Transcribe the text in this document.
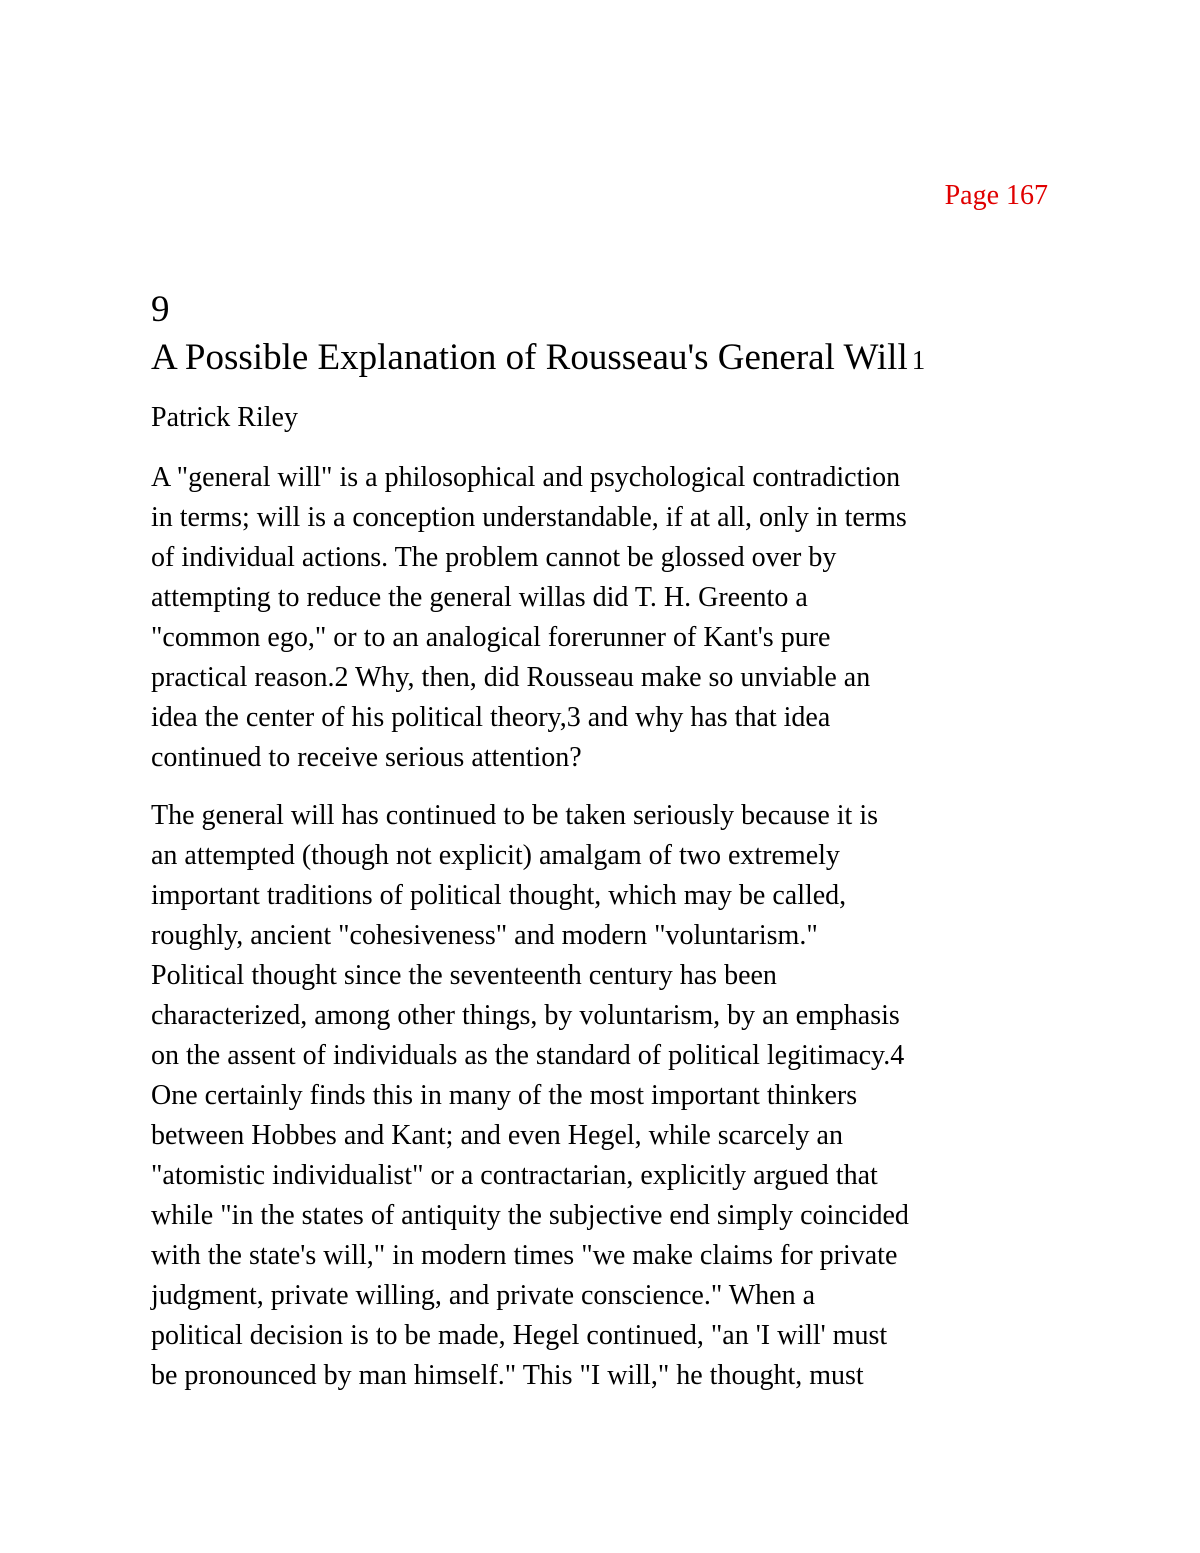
Page 167
9
A Possible Explanation of Rousseau's General Will 1

Patrick Riley

A "general will" is a philosophical and psychological contradiction
in terms; will is a conception understandable, if at all, only in terms
of individual actions. The problem cannot be glossed over by
attempting to reduce the general willas did T. H. Greento a
"common ego," or to an analogical forerunner of Kant's pure
practical reason.2 Why, then, did Rousseau make so unviable an
idea the center of his political theory,3 and why has that idea
continued to receive serious attention?

The general will has continued to be taken seriously because it is
an attempted (though not explicit) amalgam of two extremely
important traditions of political thought, which may be called,
roughly, ancient "cohesiveness" and modern "voluntarism."
Political thought since the seventeenth century has been
characterized, among other things, by voluntarism, by an emphasis
on the assent of individuals as the standard of political legitimacy.4
One certainly finds this in many of the most important thinkers
between Hobbes and Kant; and even Hegel, while scarcely an
"atomistic individualist" or a contractarian, explicitly argued that
while "in the states of antiquity the subjective end simply coincided
with the state's will," in modern times "we make claims for private
judgment, private willing, and private conscience." When a
political decision is to be made, Hegel continued, "an 'I will' must
be pronounced by man himself." This "I will," he thought, must
